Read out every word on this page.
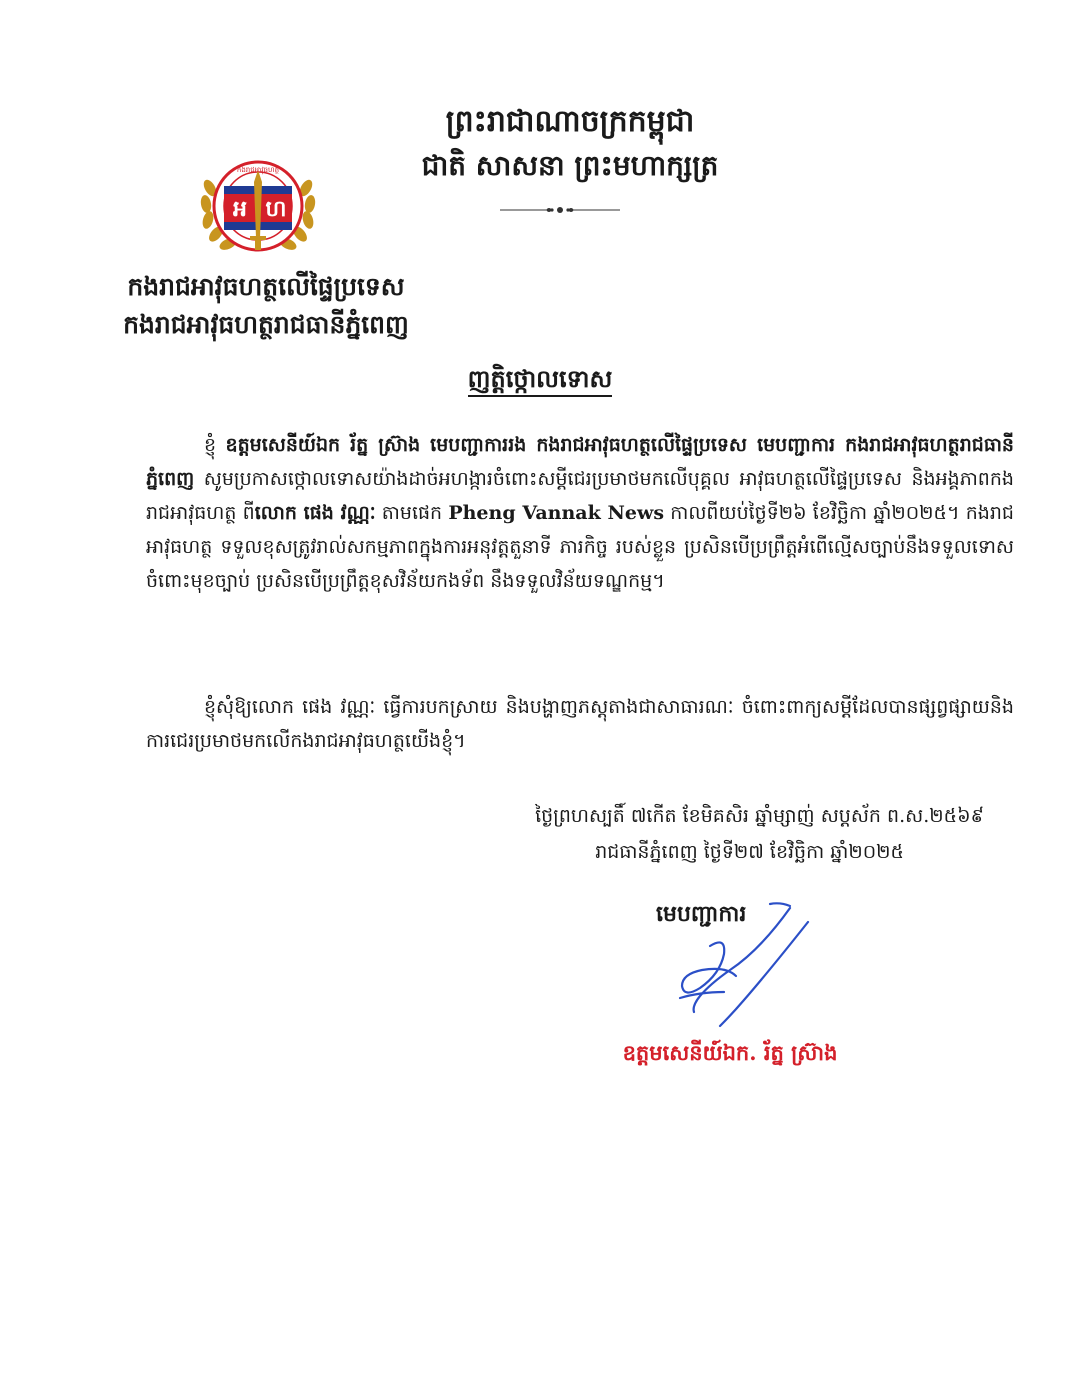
ព្រះរាជាណាចក្រកម្ពុជា
ជាតិ សាសនា ព្រះមហាក្សត្រ
អ ហ
កងរាជអាវុធហត្ថ
កងរាជអាវុធហត្ថលើផ្ទៃប្រទេស
កងរាជអាវុធហត្ថរាជធានីភ្នំពេញ
ញត្តិថ្កោលទោស
ខ្ញុំ ឧត្តមសេនីយ៍ឯក រ័ត្ន ស្រ៊ាង មេបញ្ជាការរង កងរាជអាវុធហត្ថលើផ្ទៃប្រទេស មេបញ្ជាការ កងរាជអាវុធហត្ថរាជធានីភ្នំពេញ សូមប្រកាសថ្កោលទោសយ៉ាងដាច់អហង្ការចំពោះសម្ដីជេរប្រមាថមកលើបុគ្គល អាវុធហត្ថលើផ្ទៃប្រទេស និងអង្គភាពកងរាជអាវុធហត្ថ ពីលោក ផេង វណ្ណៈ តាមផេក Pheng Vannak News កាលពីយប់ថ្ងៃទី២៦ ខែវិច្ឆិកា ឆ្នាំ២០២៥។ កងរាជអាវុធហត្ថ ទទួលខុសត្រូវរាល់សកម្មភាពក្នុងការអនុវត្តតួនាទី ភារកិច្ច របស់ខ្លួន ប្រសិនបើប្រព្រឹត្តអំពើល្មើសច្បាប់នឹងទទួលទោសចំពោះមុខច្បាប់ ប្រសិនបើប្រព្រឹត្តខុសវិន័យកងទ័ព នឹងទទួលវិន័យទណ្ឌកម្ម។
ខ្ញុំសុំឱ្យលោក ផេង វណ្ណៈ ធ្វើការបកស្រាយ និងបង្ហាញភស្តុតាងជាសាធារណៈ ចំពោះពាក្យសម្ដីដែលបានផ្សព្វផ្សាយនិងការជេរប្រមាថមកលើកងរាជអាវុធហត្ថយើងខ្ញុំ។
ថ្ងៃព្រហស្បតិ៍ ៧កើត ខែមិគសិរ ឆ្នាំម្សាញ់ សប្តស័ក ព.ស.២៥៦៩
រាជធានីភ្នំពេញ ថ្ងៃទី២៧ ខែវិច្ឆិកា ឆ្នាំ២០២៥
មេបញ្ជាការ
ឧត្តមសេនីយ៍ឯក. រ័ត្ន ស្រ៊ាង
